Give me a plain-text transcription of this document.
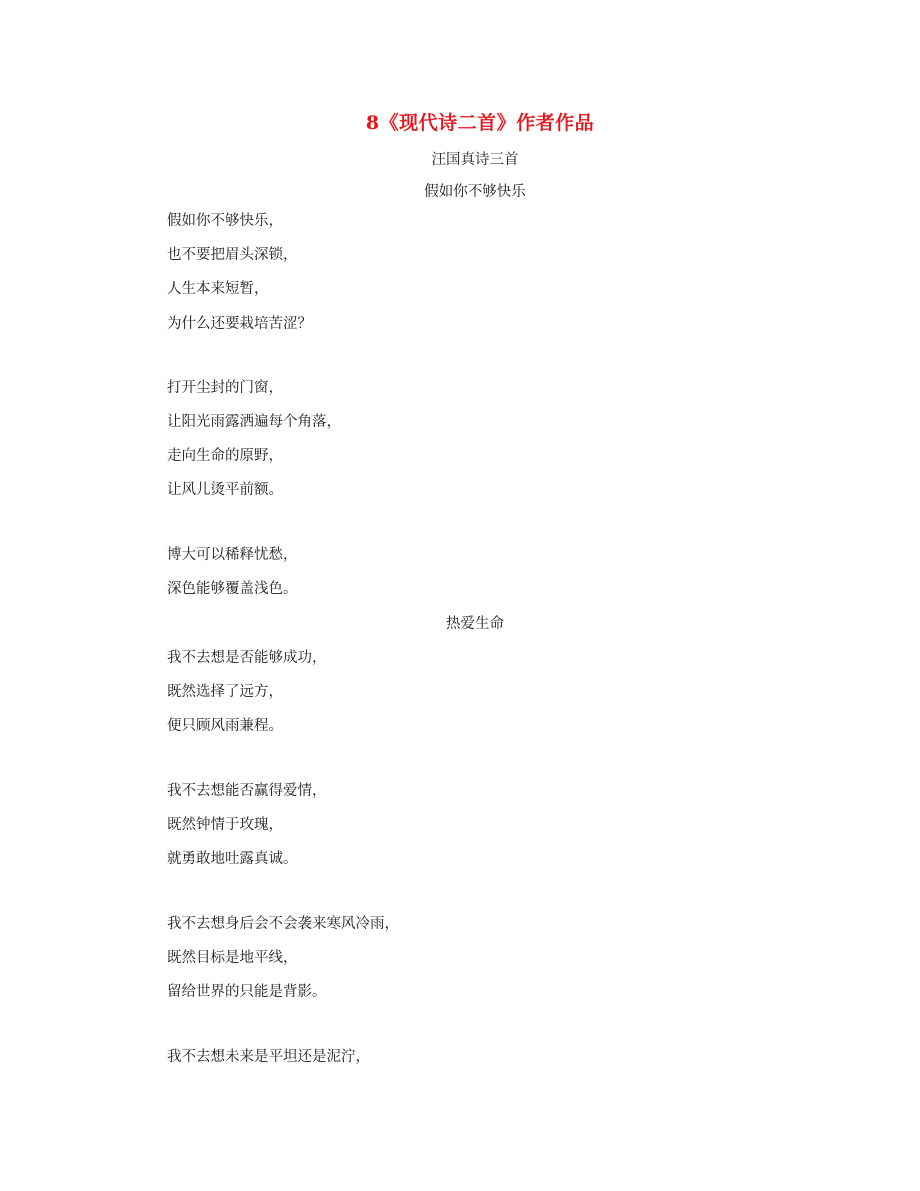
8《现代诗二首》作者作品
汪国真诗三首
假如你不够快乐
假如你不够快乐，
也不要把眉头深锁，
人生本来短暂，
为什么还要栽培苦涩？
打开尘封的门窗，
让阳光雨露洒遍每个角落，
走向生命的原野，
让风儿烫平前额。
博大可以稀释忧愁，
深色能够覆盖浅色。
热爱生命
我不去想是否能够成功，
既然选择了远方，
便只顾风雨兼程。
我不去想能否赢得爱情，
既然钟情于玫瑰，
就勇敢地吐露真诚。
我不去想身后会不会袭来寒风冷雨，
既然目标是地平线，
留给世界的只能是背影。
我不去想未来是平坦还是泥泞，
